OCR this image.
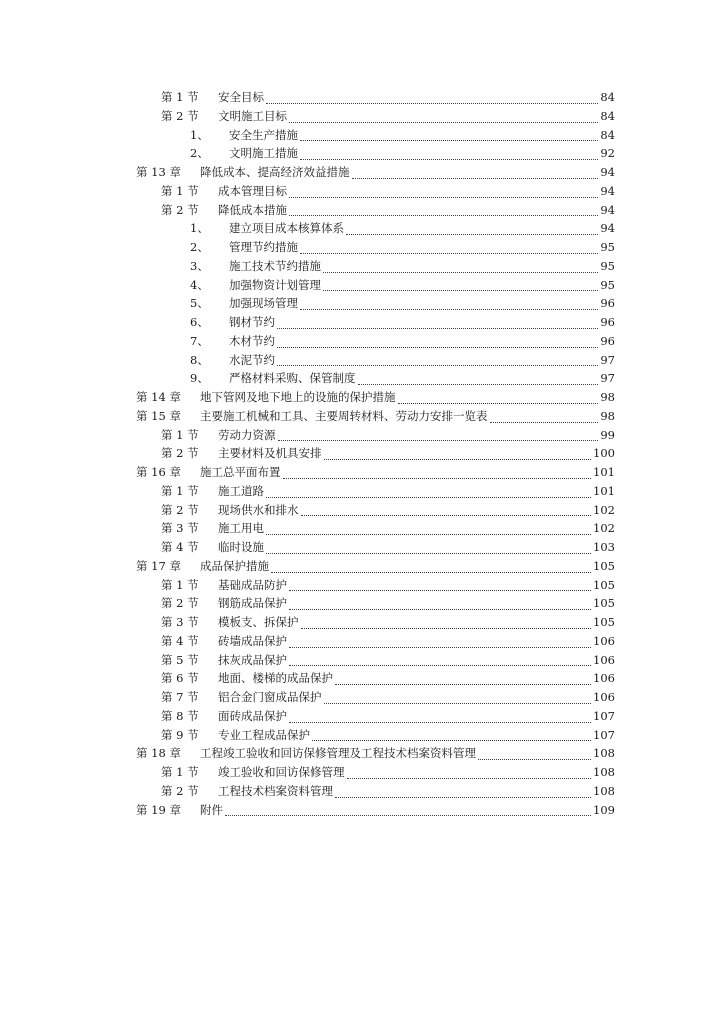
第 1 节 安全目标	84
第 2 节 文明施工目标	84
1、 安全生产措施	84
2、 文明施工措施	92
第 13 章 降低成本、提高经济效益措施	94
第 1 节 成本管理目标	94
第 2 节 降低成本措施	94
1、 建立项目成本核算体系	94
2、 管理节约措施	95
3、 施工技术节约措施	95
4、 加强物资计划管理	95
5、 加强现场管理	96
6、 钢材节约	96
7、 木材节约	96
8、 水泥节约	97
9、 严格材料采购、保管制度	97
第 14 章 地下管网及地下地上的设施的保护措施	98
第 15 章 主要施工机械和工具、主要周转材料、劳动力安排一览表	98
第 1 节 劳动力资源	99
第 2 节 主要材料及机具安排	100
第 16 章 施工总平面布置	101
第 1 节 施工道路	101
第 2 节 现场供水和排水	102
第 3 节 施工用电	102
第 4 节 临时设施	103
第 17 章 成品保护措施	105
第 1 节 基础成品防护	105
第 2 节 钢筋成品保护	105
第 3 节 模板支、拆保护	105
第 4 节 砖墙成品保护	106
第 5 节 抹灰成品保护	106
第 6 节 地面、楼梯的成品保护	106
第 7 节 铝合金门窗成品保护	106
第 8 节 面砖成品保护	107
第 9 节 专业工程成品保护	107
第 18 章 工程竣工验收和回访保修管理及工程技术档案资料管理	108
第 1 节 竣工验收和回访保修管理	108
第 2 节 工程技术档案资料管理	108
第 19 章 附件	109
